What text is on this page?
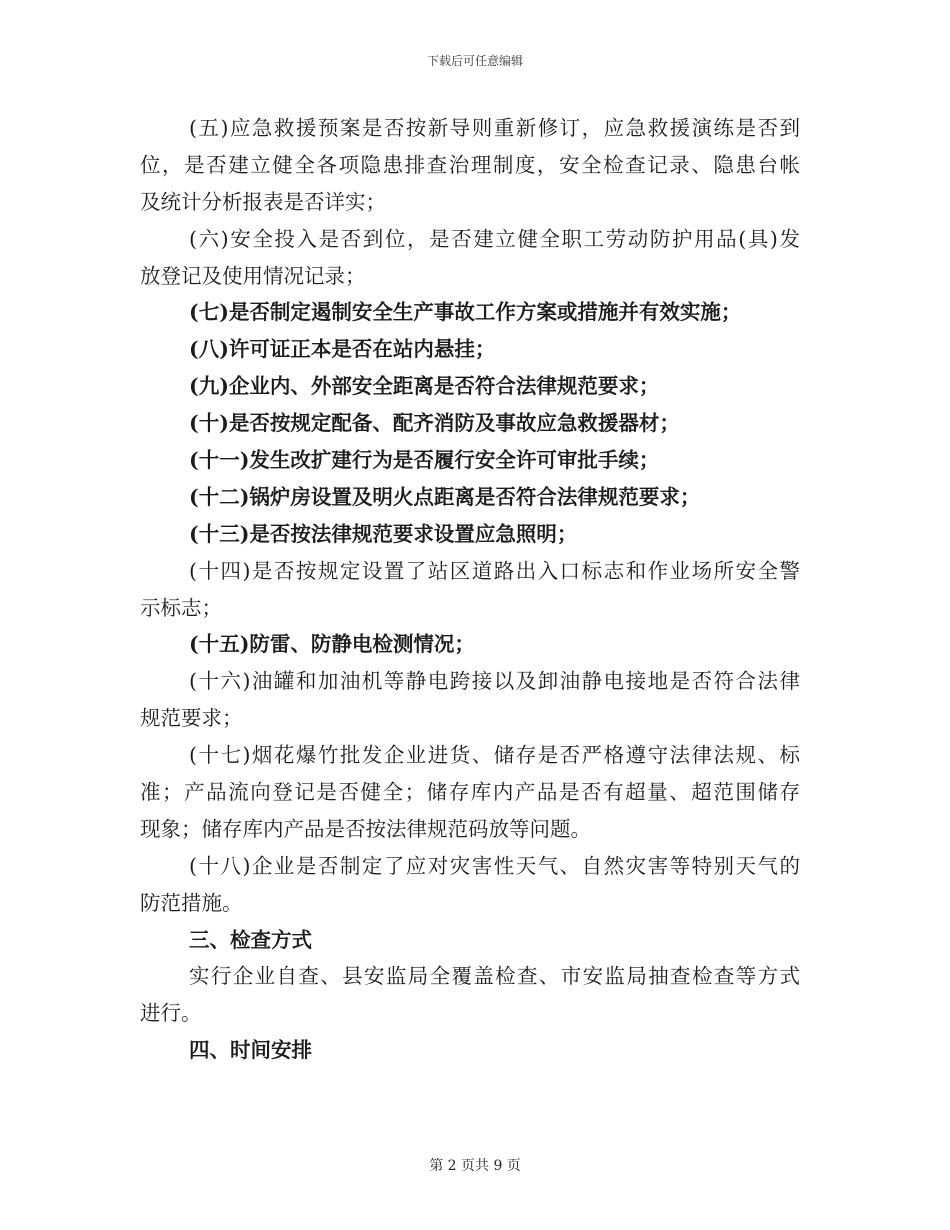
下载后可任意编辑
(五)应急救援预案是否按新导则重新修订，应急救援演练是否到
位，是否建立健全各项隐患排查治理制度，安全检查记录、隐患台帐
及统计分析报表是否详实；
(六)安全投入是否到位，是否建立健全职工劳动防护用品(具)发
放登记及使用情况记录；
(七)是否制定遏制安全生产事故工作方案或措施并有效实施；
(八)许可证正本是否在站内悬挂；
(九)企业内、外部安全距离是否符合法律规范要求；
(十)是否按规定配备、配齐消防及事故应急救援器材；
(十一)发生改扩建行为是否履行安全许可审批手续；
(十二)锅炉房设置及明火点距离是否符合法律规范要求；
(十三)是否按法律规范要求设置应急照明；
(十四)是否按规定设置了站区道路出入口标志和作业场所安全警
示标志；
(十五)防雷、防静电检测情况；
(十六)油罐和加油机等静电跨接以及卸油静电接地是否符合法律
规范要求；
(十七)烟花爆竹批发企业进货、储存是否严格遵守法律法规、标
准；产品流向登记是否健全；储存库内产品是否有超量、超范围储存
现象；储存库内产品是否按法律规范码放等问题。
(十八)企业是否制定了应对灾害性天气、自然灾害等特别天气的
防范措施。
三、检查方式
实行企业自查、县安监局全覆盖检查、市安监局抽查检查等方式
进行。
四、时间安排
第 2 页共 9 页
